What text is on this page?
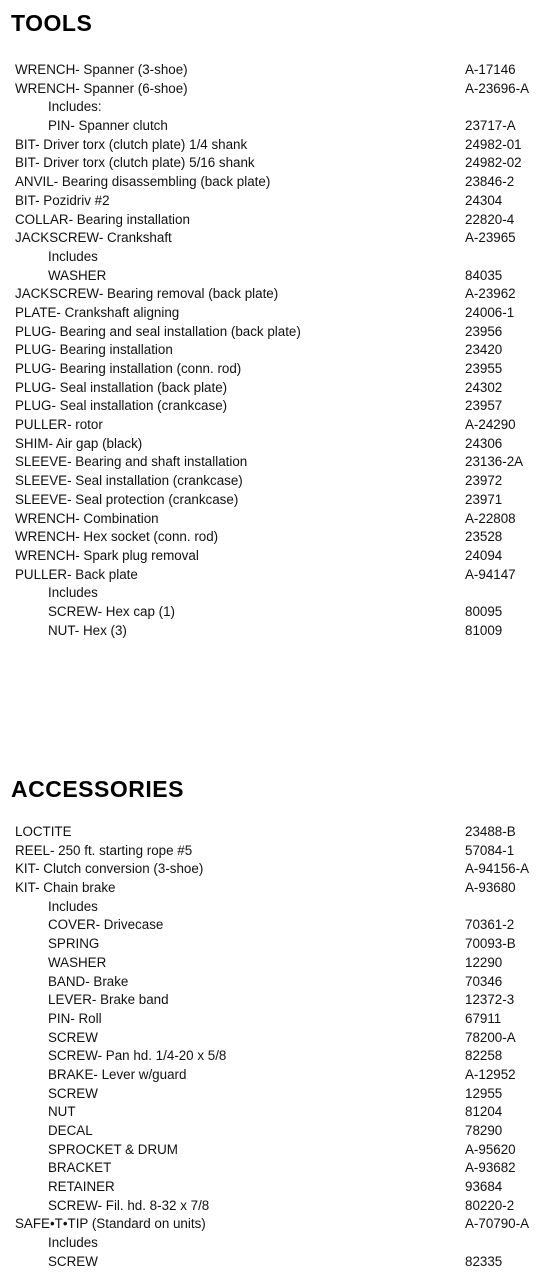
TOOLS
WRENCH- Spanner (3-shoe)	A-17146
WRENCH- Spanner (6-shoe)	A-23696-A
Includes:
PIN- Spanner clutch	23717-A
BIT- Driver torx (clutch plate) 1/4 shank	24982-01
BIT- Driver torx (clutch plate) 5/16 shank	24982-02
ANVIL- Bearing disassembling (back plate)	23846-2
BIT- Pozidriv #2	24304
COLLAR- Bearing installation	22820-4
JACKSCREW- Crankshaft	A-23965
Includes
WASHER	84035
JACKSCREW- Bearing removal (back plate)	A-23962
PLATE- Crankshaft aligning	24006-1
PLUG- Bearing and seal installation (back plate)	23956
PLUG- Bearing installation	23420
PLUG- Bearing installation (conn. rod)	23955
PLUG- Seal installation (back plate)	24302
PLUG- Seal installation (crankcase)	23957
PULLER- rotor	A-24290
SHIM- Air gap (black)	24306
SLEEVE- Bearing and shaft installation	23136-2A
SLEEVE- Seal installation (crankcase)	23972
SLEEVE- Seal protection (crankcase)	23971
WRENCH- Combination	A-22808
WRENCH- Hex socket (conn. rod)	23528
WRENCH- Spark plug removal	24094
PULLER- Back plate	A-94147
Includes
SCREW- Hex cap (1)	80095
NUT- Hex (3)	81009
ACCESSORIES
LOCTITE	23488-B
REEL- 250 ft. starting rope #5	57084-1
KIT- Clutch conversion (3-shoe)	A-94156-A
KIT- Chain brake	A-93680
Includes
COVER- Drivecase	70361-2
SPRING	70093-B
WASHER	12290
BAND- Brake	70346
LEVER- Brake band	12372-3
PIN- Roll	67911
SCREW	78200-A
SCREW- Pan hd. 1/4-20 x 5/8	82258
BRAKE- Lever w/guard	A-12952
SCREW	12955
NUT	81204
DECAL	78290
SPROCKET & DRUM	A-95620
BRACKET	A-93682
RETAINER	93684
SCREW- Fil. hd. 8-32 x 7/8	80220-2
SAFE•T•TIP (Standard on units)	A-70790-A
Includes
SCREW	82335
